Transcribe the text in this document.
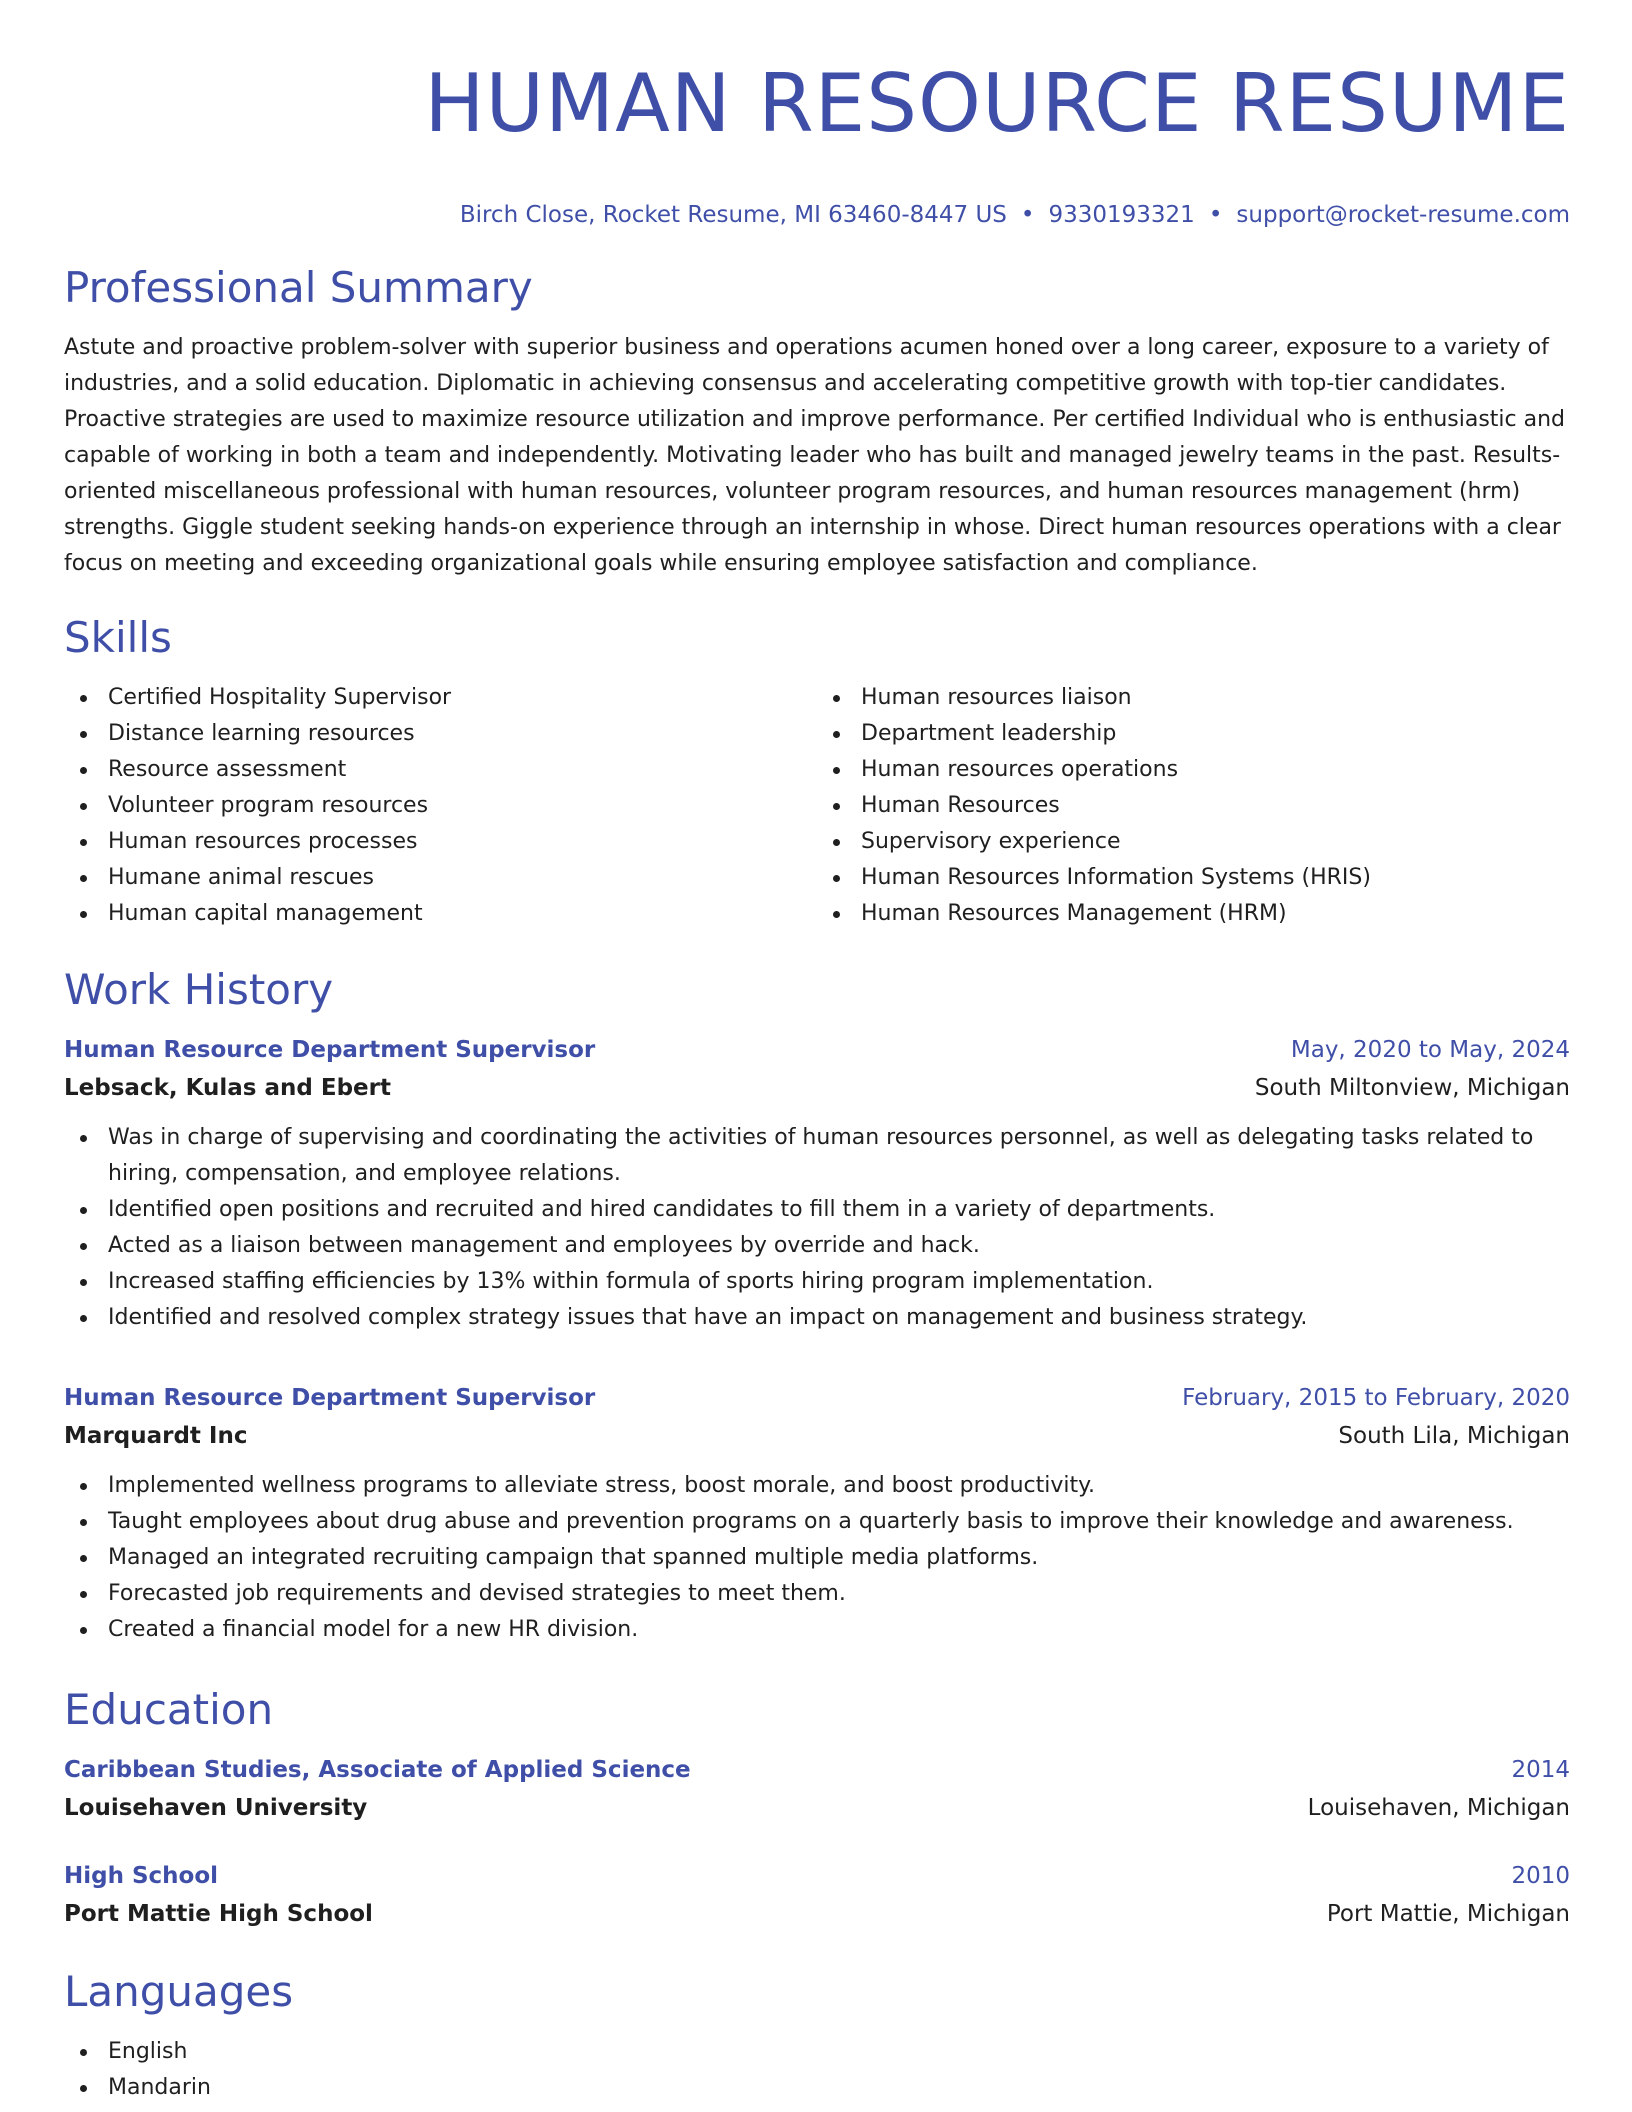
HUMAN RESOURCE RESUME
Birch Close, Rocket Resume, MI 63460-8447 US • 9330193321 • support@rocket-resume.com
Professional Summary
Astute and proactive problem-solver with superior business and operations acumen honed over a long career, exposure to a variety of industries, and a solid education. Diplomatic in achieving consensus and accelerating competitive growth with top-tier candidates. Proactive strategies are used to maximize resource utilization and improve performance. Per certified Individual who is enthusiastic and capable of working in both a team and independently. Motivating leader who has built and managed jewelry teams in the past. Results-oriented miscellaneous professional with human resources, volunteer program resources, and human resources management (hrm) strengths. Giggle student seeking hands-on experience through an internship in whose. Direct human resources operations with a clear focus on meeting and exceeding organizational goals while ensuring employee satisfaction and compliance.
Skills
Certified Hospitality Supervisor
Distance learning resources
Resource assessment
Volunteer program resources
Human resources processes
Humane animal rescues
Human capital management
Human resources liaison
Department leadership
Human resources operations
Human Resources
Supervisory experience
Human Resources Information Systems (HRIS)
Human Resources Management (HRM)
Work History
Human Resource Department Supervisor	May, 2020 to May, 2024
Lebsack, Kulas and Ebert	South Miltonview, Michigan
Was in charge of supervising and coordinating the activities of human resources personnel, as well as delegating tasks related to hiring, compensation, and employee relations.
Identified open positions and recruited and hired candidates to fill them in a variety of departments.
Acted as a liaison between management and employees by override and hack.
Increased staffing efficiencies by 13% within formula of sports hiring program implementation.
Identified and resolved complex strategy issues that have an impact on management and business strategy.
Human Resource Department Supervisor	February, 2015 to February, 2020
Marquardt Inc	South Lila, Michigan
Implemented wellness programs to alleviate stress, boost morale, and boost productivity.
Taught employees about drug abuse and prevention programs on a quarterly basis to improve their knowledge and awareness.
Managed an integrated recruiting campaign that spanned multiple media platforms.
Forecasted job requirements and devised strategies to meet them.
Created a financial model for a new HR division.
Education
Caribbean Studies, Associate of Applied Science	2014
Louisehaven University	Louisehaven, Michigan
High School	2010
Port Mattie High School	Port Mattie, Michigan
Languages
English
Mandarin
